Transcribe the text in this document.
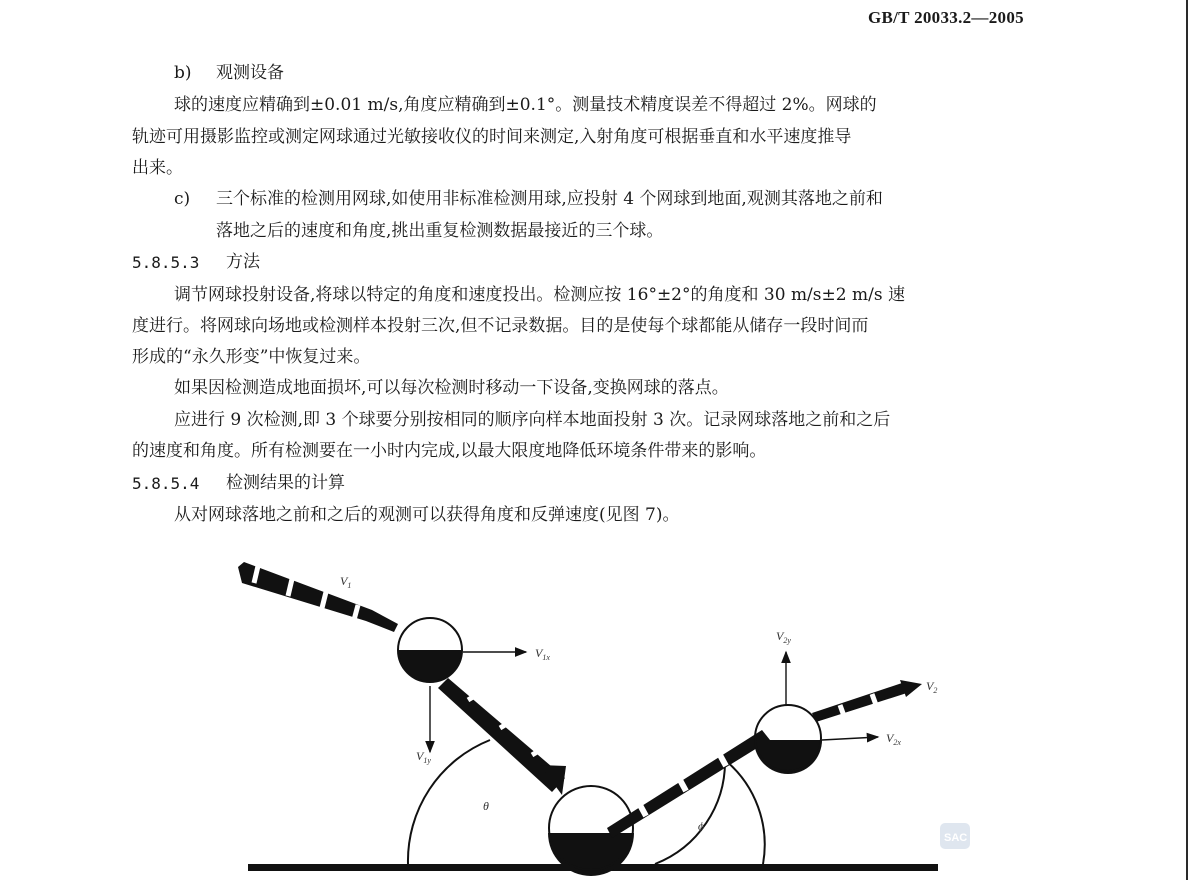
GB/T 20033.2—2005
b) 观测设备
球的速度应精确到±0.01 m/s,角度应精确到±0.1°。测量技术精度误差不得超过 2%。网球的
轨迹可用摄影监控或测定网球通过光敏接收仪的时间来测定,入射角度可根据垂直和水平速度推导
出来。
c) 三个标准的检测用网球,如使用非标准检测用球,应投射 4 个网球到地面,观测其落地之前和
落地之后的速度和角度,挑出重复检测数据最接近的三个球。
5.8.5.3 方法
调节网球投射设备,将球以特定的角度和速度投出。检测应按 16°±2°的角度和 30 m/s±2 m/s 速
度进行。将网球向场地或检测样本投射三次,但不记录数据。目的是使每个球都能从储存一段时间而
形成的“永久形变”中恢复过来。
如果因检测造成地面损坏,可以每次检测时移动一下设备,变换网球的落点。
应进行 9 次检测,即 3 个球要分别按相同的顺序向样本地面投射 3 次。记录网球落地之前和之后
的速度和角度。所有检测要在一小时内完成,以最大限度地降低环境条件带来的影响。
5.8.5.4 检测结果的计算
从对网球落地之前和之后的观测可以获得角度和反弹速度(见图 7)。
$V_1$
$V_{1x}$
$V_{1y}$
$V_{2y}$
$V_2$
$V_{2x}$
θ
ϕ
SAC
